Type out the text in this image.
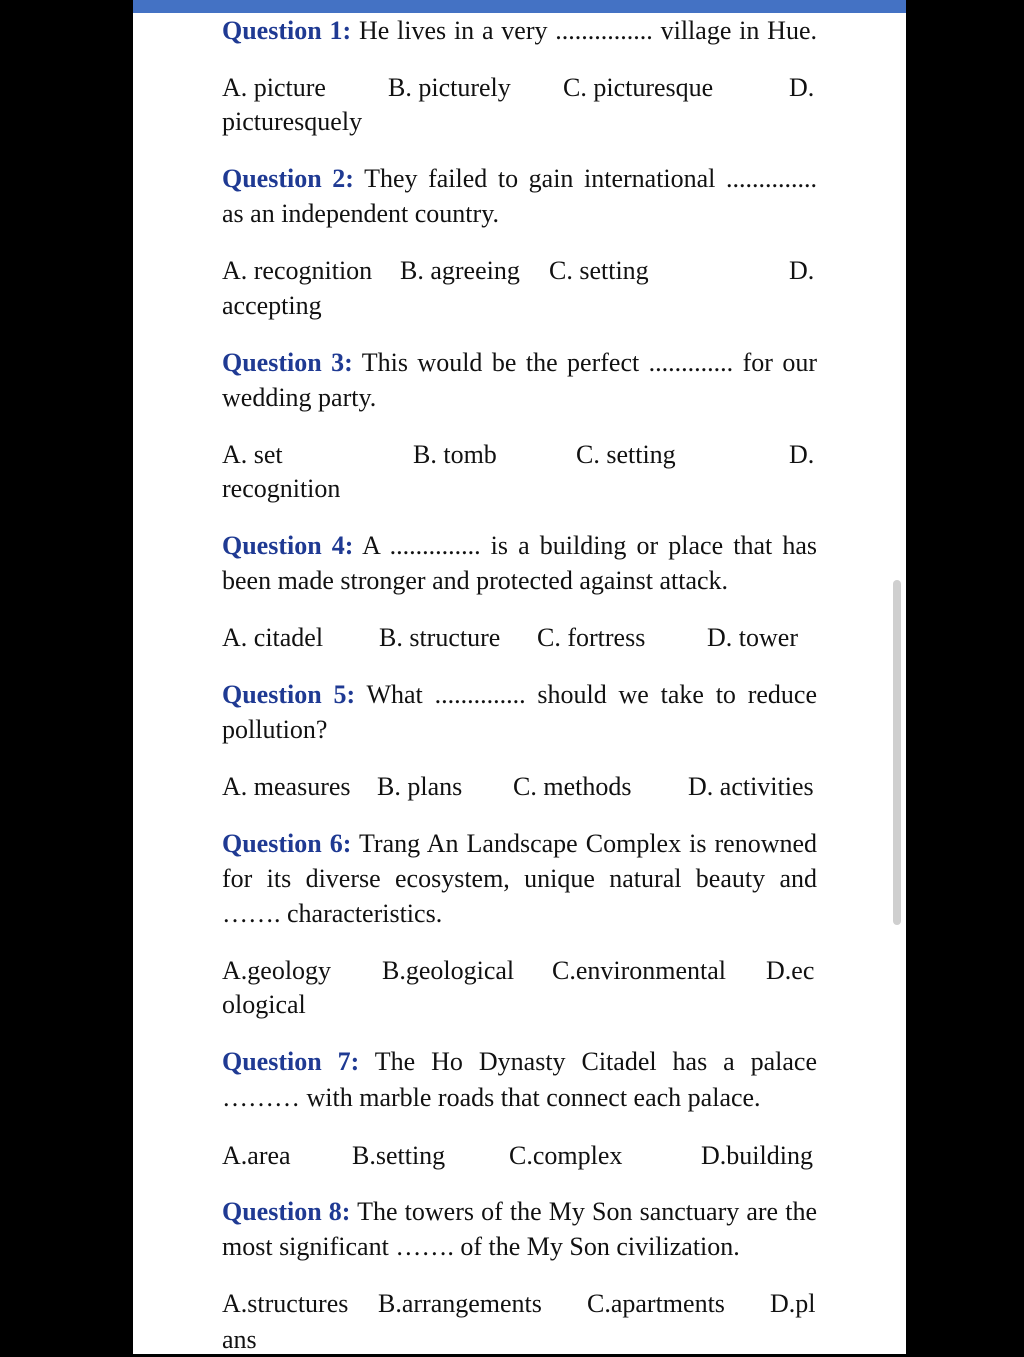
Question 1: He lives in a very ............... village in Hue.
A. picture B. picturely C. picturesque	D.
picturesquely
Question 2: They failed to gain international ..............
as an independent country.
A. recognition B. agreeing C. setting	D.
accepting
Question 3: This would be the perfect ............. for our
wedding party.
A. set	B. tomb	C. setting	D.
recognition
Question 4: A .............. is a building or place that has
been made stronger and protected against attack.
A. citadel B. structure C. fortress D. tower
Question 5: What .............. should we take to reduce
pollution?
A. measures B. plans C. methods D. activities
Question 6: Trang An Landscape Complex is renowned
for its diverse ecosystem, unique natural beauty and
……. characteristics.
A.geology B.geological C.environmental D.ec
ological
Question 7: The Ho Dynasty Citadel has a palace
……… with marble roads that connect each palace.
A.area B.setting C.complex	D.building
Question 8: The towers of the My Son sanctuary are the
most significant ……. of the My Son civilization.
A.structures B.arrangements C.apartments D.pl
ans
